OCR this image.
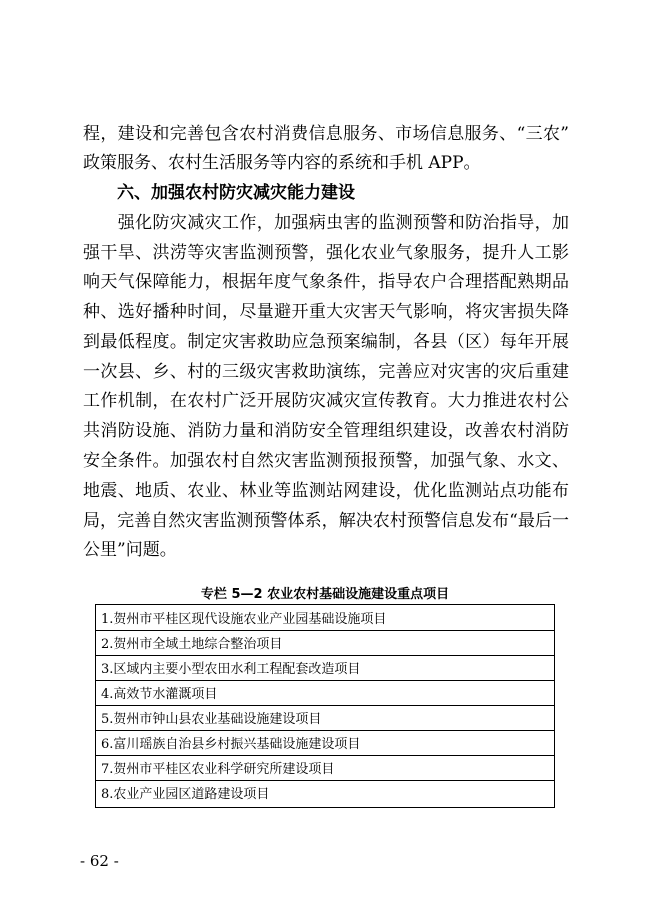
程，建设和完善包含农村消费信息服务、市场信息服务、“三农”
政策服务、农村生活服务等内容的系统和手机 APP。
六、加强农村防灾减灾能力建设
　　强化防灾减灾工作，加强病虫害的监测预警和防治指导，加
强干旱、洪涝等灾害监测预警，强化农业气象服务，提升人工影
响天气保障能力，根据年度气象条件，指导农户合理搭配熟期品
种、选好播种时间，尽量避开重大灾害天气影响，将灾害损失降
到最低程度。制定灾害救助应急预案编制，各县（区）每年开展
一次县、乡、村的三级灾害救助演练，完善应对灾害的灾后重建
工作机制，在农村广泛开展防灾减灾宣传教育。大力推进农村公
共消防设施、消防力量和消防安全管理组织建设，改善农村消防
安全条件。加强农村自然灾害监测预报预警，加强气象、水文、
地震、地质、农业、林业等监测站网建设，优化监测站点功能布
局，完善自然灾害监测预警体系，解决农村预警信息发布“最后一
公里”问题。
专栏 5—2 农业农村基础设施建设重点项目
1.贺州市平桂区现代设施农业产业园基础设施项目
2.贺州市全域土地综合整治项目
3.区域内主要小型农田水利工程配套改造项目
4.高效节水灌溉项目
5.贺州市钟山县农业基础设施建设项目
6.富川瑶族自治县乡村振兴基础设施建设项目
7.贺州市平桂区农业科学研究所建设项目
8.农业产业园区道路建设项目
- 62 -
